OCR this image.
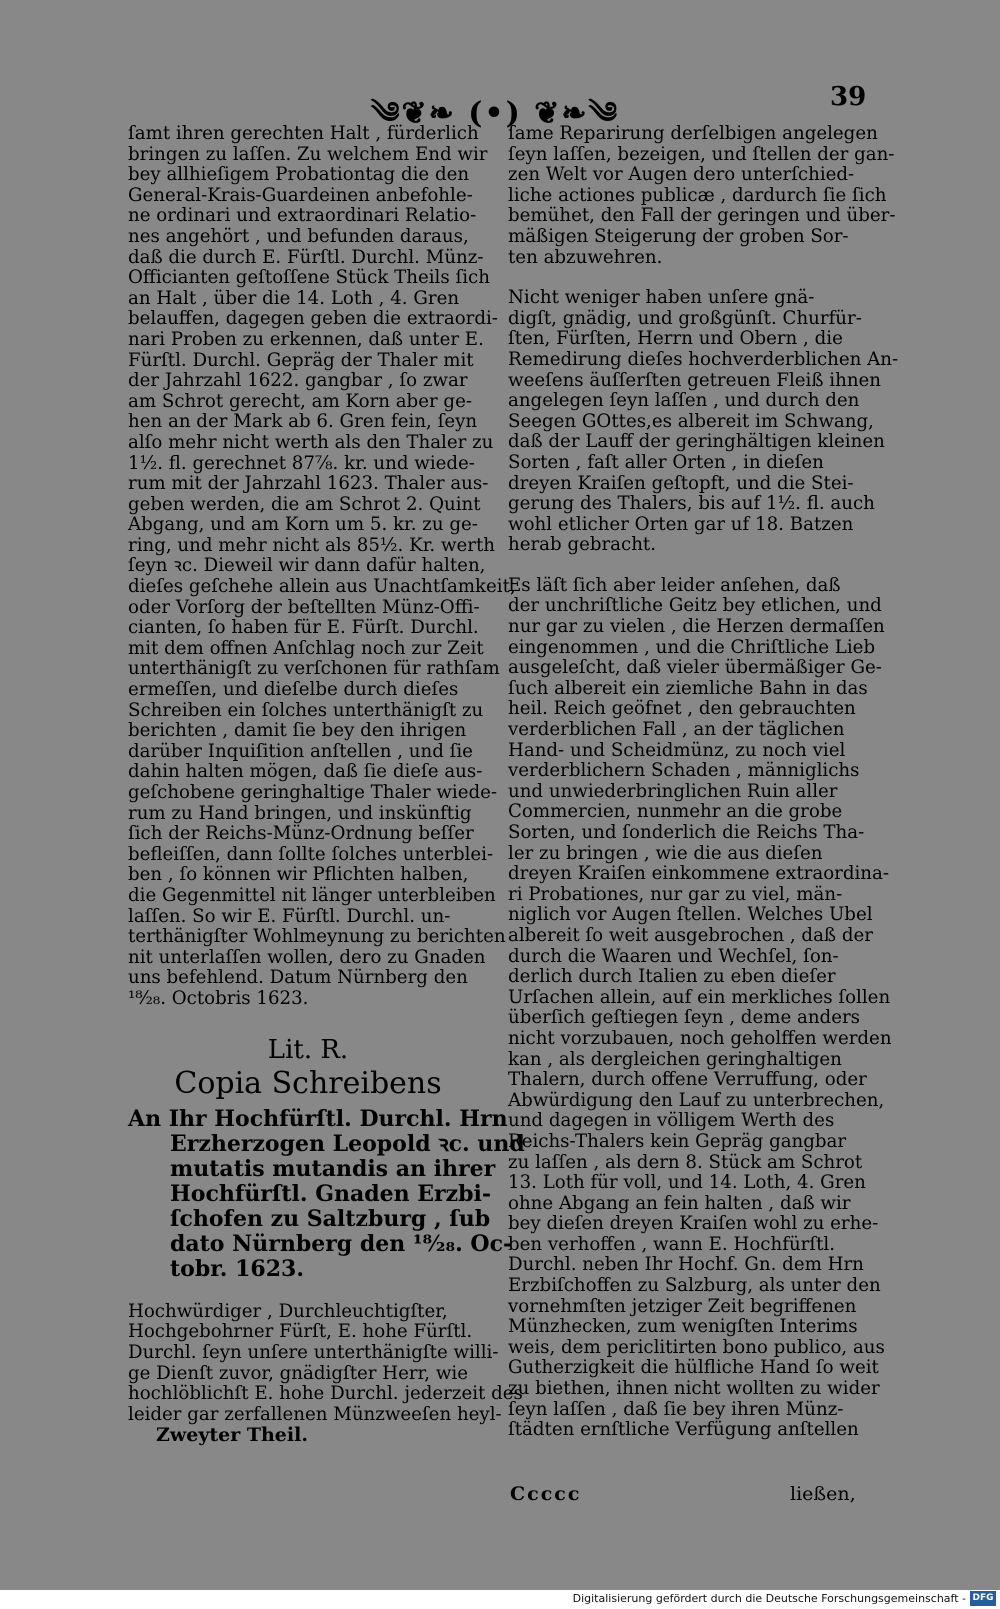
༄❦❧ (•) ❦❧༄	39
ſamt ihren gerechten Halt , fürderlich
bringen zu laſſen. Zu welchem End wir
bey allhieſigem Probationtag die den
General-Krais-Guardeinen anbefohle-
ne ordinari und extraordinari Relatio-
nes angehört , und befunden daraus,
daß die durch E. Fürſtl. Durchl. Münz-
Officianten geſtoſſene Stück Theils ſich
an Halt , über die 14. Loth , 4. Gren
belauffen, dagegen geben die extraordi-
nari Proben zu erkennen, daß unter E.
Fürſtl. Durchl. Gepräg der Thaler mit
der Jahrzahl 1622. gangbar , ſo zwar
am Schrot gerecht, am Korn aber ge-
hen an der Mark ab 6. Gren fein, ſeyn
alſo mehr nicht werth als den Thaler zu
1½. fl. gerechnet 87⅞. kr. und wiede-
rum mit der Jahrzahl 1623. Thaler aus-
geben werden, die am Schrot 2. Quint
Abgang, und am Korn um 5. kr. zu ge-
ring, und mehr nicht als 85½. Kr. werth
ſeyn ꝛc. Dieweil wir dann dafür halten,
dieſes geſchehe allein aus Unachtſamkeit,
oder Vorſorg der beſtellten Münz-Offi-
cianten, ſo haben für E. Fürſt. Durchl.
mit dem offnen Anſchlag noch zur Zeit
unterthänigſt zu verſchonen für rathſam
ermeſſen, und dieſelbe durch dieſes
Schreiben ein ſolches unterthänigſt zu
berichten , damit ſie bey den ihrigen
darüber Inquiſition anſtellen , und ſie
dahin halten mögen, daß ſie dieſe aus-
geſchobene geringhaltige Thaler wiede-
rum zu Hand bringen, und inskünftig
ſich der Reichs-Münz-Ordnung beſſer
befleiſſen, dann ſollte ſolches unterblei-
ben , ſo können wir Pflichten halben,
die Gegenmittel nit länger unterbleiben
laſſen. So wir E. Fürſtl. Durchl. un-
terthänigſter Wohlmeynung zu berichten
nit unterlaſſen wollen, dero zu Gnaden
uns befehlend. Datum Nürnberg den
¹⁸⁄₂₈. Octobris 1623.
Lit. R.
Copia Schreibens
An Ihr Hochfürſtl. Durchl. Hrn
Erzherzogen Leopold ꝛc. und
mutatis mutandis an ihrer
Hochfürſtl. Gnaden Erzbi-
ſchofen zu Saltzburg , ſub
dato Nürnberg den ¹⁸⁄₂₈. Oc-
tobr. 1623.
Hochwürdiger , Durchleuchtigſter,
Hochgebohrner Fürſt, E. hohe Fürſtl.
Durchl. ſeyn unſere unterthänigſte willi-
ge Dienſt zuvor, gnädigſter Herr, wie
hochlöblichſt E. hohe Durchl. jederzeit des
leider gar zerfallenen Münzweeſen heyl-
Zweyter Theil.
ſame Reparirung derſelbigen angelegen
ſeyn laſſen, bezeigen, und ſtellen der gan-
zen Welt vor Augen dero unterſchied-
liche actiones publicæ , dardurch ſie ſich
bemühet, den Fall der geringen und über-
mäßigen Steigerung der groben Sor-
ten abzuwehren.
Nicht weniger haben unſere gnä-
digſt, gnädig, und großgünſt. Churfür-
ſten, Fürſten, Herrn und Obern , die
Remedirung dieſes hochverderblichen An-
weeſens äuſſerſten getreuen Fleiß ihnen
angelegen ſeyn laſſen , und durch den
Seegen GOttes,es albereit im Schwang,
daß der Lauff der geringhältigen kleinen
Sorten , faſt aller Orten , in dieſen
dreyen Kraiſen geſtopft, und die Stei-
gerung des Thalers, bis auf 1½. fl. auch
wohl etlicher Orten gar uf 18. Batzen
herab gebracht.
Es läſt ſich aber leider anſehen, daß
der unchriſtliche Geitz bey etlichen, und
nur gar zu vielen , die Herzen dermaſſen
eingenommen , und die Chriſtliche Lieb
ausgeleſcht, daß vieler übermäßiger Ge-
ſuch albereit ein ziemliche Bahn in das
heil. Reich geöfnet , den gebrauchten
verderblichen Fall , an der täglichen
Hand- und Scheidmünz, zu noch viel
verderblichern Schaden , männiglichs
und unwiederbringlichen Ruin aller
Commercien, nunmehr an die grobe
Sorten, und ſonderlich die Reichs Tha-
ler zu bringen , wie die aus dieſen
dreyen Kraiſen einkommene extraordina-
ri Probationes, nur gar zu viel, män-
niglich vor Augen ſtellen. Welches Ubel
albereit ſo weit ausgebrochen , daß der
durch die Waaren und Wechſel, ſon-
derlich durch Italien zu eben dieſer
Urſachen allein, auf ein merkliches ſollen
überſich geſtiegen ſeyn , deme anders
nicht vorzubauen, noch geholffen werden
kan , als dergleichen geringhaltigen
Thalern, durch offene Verruffung, oder
Abwürdigung den Lauf zu unterbrechen,
und dagegen in völligem Werth des
Reichs-Thalers kein Gepräg gangbar
zu laſſen , als dern 8. Stück am Schrot
13. Loth für voll, und 14. Loth, 4. Gren
ohne Abgang an fein halten , daß wir
bey dieſen dreyen Kraiſen wohl zu erhe-
ben verhoffen , wann E. Hochfürſtl.
Durchl. neben Ihr Hochf. Gn. dem Hrn
Erzbiſchoffen zu Salzburg, als unter den
vornehmſten jetziger Zeit begriffenen
Münzhecken, zum wenigſten Interims
weis, dem periclitirten bono publico, aus
Gutherzigkeit die hülfliche Hand ſo weit
zu biethen, ihnen nicht wollten zu wider
ſeyn laſſen , daß ſie bey ihren Münz-
ſtädten ernſtliche Verfügung anſtellen
Ccccc	ließen,
Digitalisierung gefördert durch die Deutsche Forschungsgemeinschaft - DFG
